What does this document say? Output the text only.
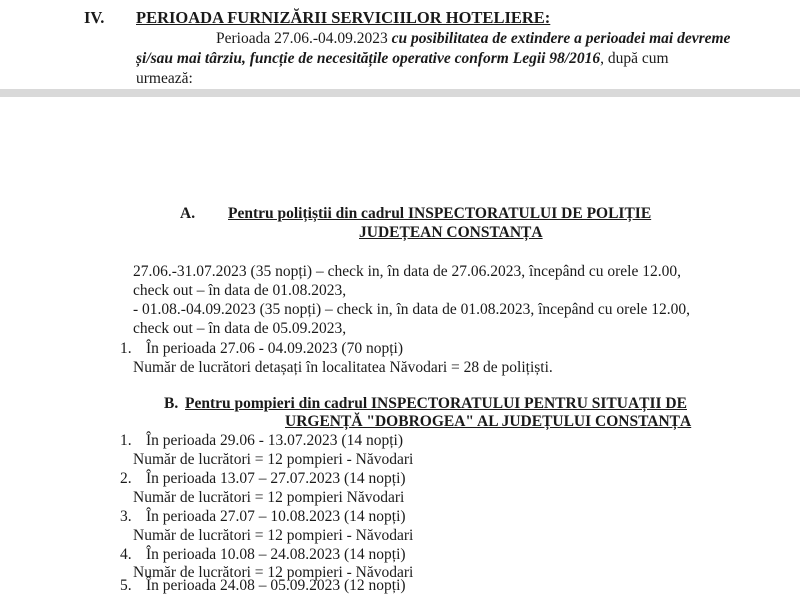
IV. PERIOADA FURNIZĂRII SERVICIILOR HOTELIERE:
Perioada 27.06.-04.09.2023 cu posibilitatea de extindere a perioadei mai devreme
și/sau mai târziu, funcție de necesitățile operative conform Legii 98/2016, după cum
urmează:
A. Pentru polițiștii din cadrul INSPECTORATULUI DE POLIȚIE
JUDEȚEAN CONSTANȚA
27.06.-31.07.2023 (35 nopți) – check in, în data de 27.06.2023, începând cu orele 12.00,
check out – în data de 01.08.2023,
- 01.08.-04.09.2023 (35 nopți) – check in, în data de 01.08.2023, începând cu orele 12.00,
check out – în data de 05.09.2023,
1. În perioada 27.06 - 04.09.2023 (70 nopți)
Număr de lucrători detașați în localitatea Năvodari = 28 de polițiști.
B. Pentru pompieri din cadrul INSPECTORATULUI PENTRU SITUAȚII DE
URGENȚĂ "DOBROGEA" AL JUDEȚULUI CONSTANȚA
1. În perioada 29.06 - 13.07.2023 (14 nopți)
Număr de lucrători = 12 pompieri - Năvodari
2. În perioada 13.07 – 27.07.2023 (14 nopți)
Număr de lucrători = 12 pompieri Năvodari
3. În perioada 27.07 – 10.08.2023 (14 nopți)
Număr de lucrători = 12 pompieri - Năvodari
4. În perioada 10.08 – 24.08.2023 (14 nopți)
Număr de lucrători = 12 pompieri - Năvodari
5. În perioada 24.08 – 05.09.2023 (12 nopți)
